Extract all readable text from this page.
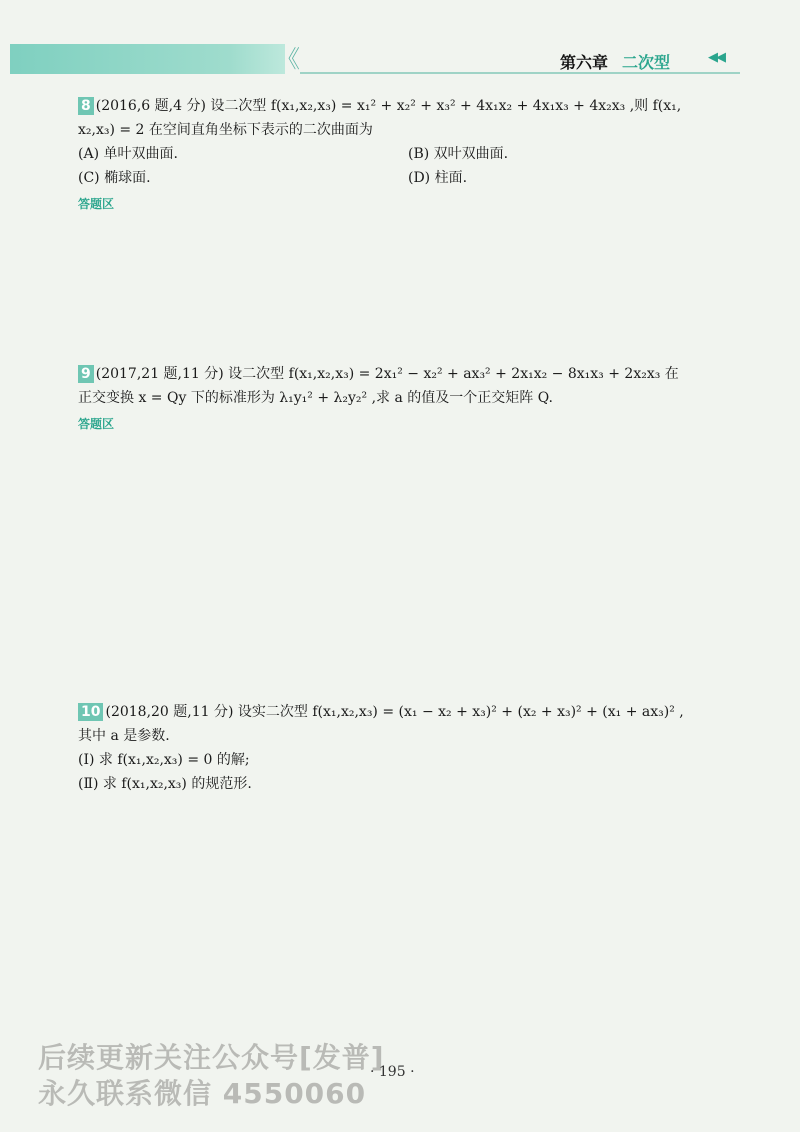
《	第六章 二次型	◀◀
8 (2016,6 题,4 分) 设二次型 f(x₁,x₂,x₃) = x₁² + x₂² + x₃² + 4x₁x₂ + 4x₁x₃ + 4x₂x₃ ,则 f(x₁,
x₂,x₃) = 2 在空间直角坐标下表示的二次曲面为
(A) 单叶双曲面.	(B) 双叶双曲面.
(C) 椭球面.	(D) 柱面.
答题区
9 (2017,21 题,11 分) 设二次型 f(x₁,x₂,x₃) = 2x₁² − x₂² + ax₃² + 2x₁x₂ − 8x₁x₃ + 2x₂x₃ 在
正交变换 x = Qy 下的标准形为 λ₁y₁² + λ₂y₂² ,求 a 的值及一个正交矩阵 Q.
答题区
10 (2018,20 题,11 分) 设实二次型 f(x₁,x₂,x₃) = (x₁ − x₂ + x₃)² + (x₂ + x₃)² + (x₁ + ax₃)² ,
其中 a 是参数.
(Ⅰ) 求 f(x₁,x₂,x₃) = 0 的解;
(Ⅱ) 求 f(x₁,x₂,x₃) 的规范形.
后续更新关注公众号[发普]
永久联系微信 4550060
· 195 ·
